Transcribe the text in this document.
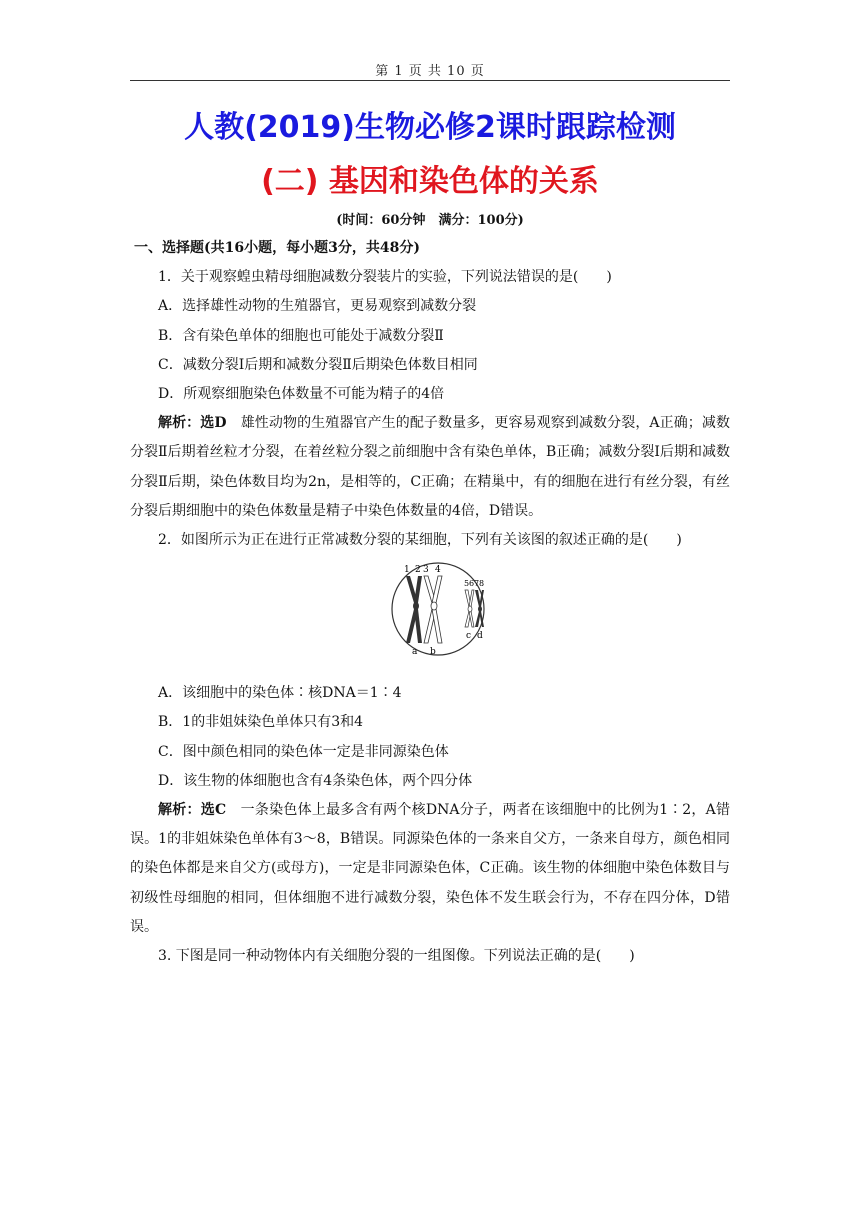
第 1 页 共 10 页
人教(2019)生物必修2课时跟踪检测
(二) 基因和染色体的关系
(时间：60分钟　满分：100分)

一、选择题(共16小题，每小题3分，共48分)

1．关于观察蝗虫精母细胞减数分裂装片的实验，下列说法错误的是(　　)

A．选择雄性动物的生殖器官，更易观察到减数分裂

B．含有染色单体的细胞也可能处于减数分裂Ⅱ

C．减数分裂Ⅰ后期和减数分裂Ⅱ后期染色体数目相同

D．所观察细胞染色体数量不可能为精子的4倍

解析：选D　雄性动物的生殖器官产生的配子数量多，更容易观察到减数分裂，A正确；减数分裂Ⅱ后期着丝粒才分裂，在着丝粒分裂之前细胞中含有染色单体，B正确；减数分裂Ⅰ后期和减数分裂Ⅱ后期，染色体数目均为2n，是相等的，C正确；在精巢中，有的细胞在进行有丝分裂，有丝分裂后期细胞中的染色体数量是精子中染色体数量的4倍，D错误。

2．如图所示为正在进行正常减数分裂的某细胞，下列有关该图的叙述正确的是(　　)

1 2 3 4
5 6 7 8
a b
c d

A．该细胞中的染色体∶核DNA＝1∶4

B．1的非姐妹染色单体只有3和4

C．图中颜色相同的染色体一定是非同源染色体

D．该生物的体细胞也含有4条染色体，两个四分体

解析：选C　一条染色体上最多含有两个核DNA分子，两者在该细胞中的比例为1∶2，A错误。1的非姐妹染色单体有3～8，B错误。同源染色体的一条来自父方，一条来自母方，颜色相同的染色体都是来自父方(或母方)，一定是非同源染色体，C正确。该生物的体细胞中染色体数目与初级性母细胞的相同，但体细胞不进行减数分裂，染色体不发生联会行为，不存在四分体，D错误。

3. 下图是同一种动物体内有关细胞分裂的一组图像。下列说法正确的是(　　)
